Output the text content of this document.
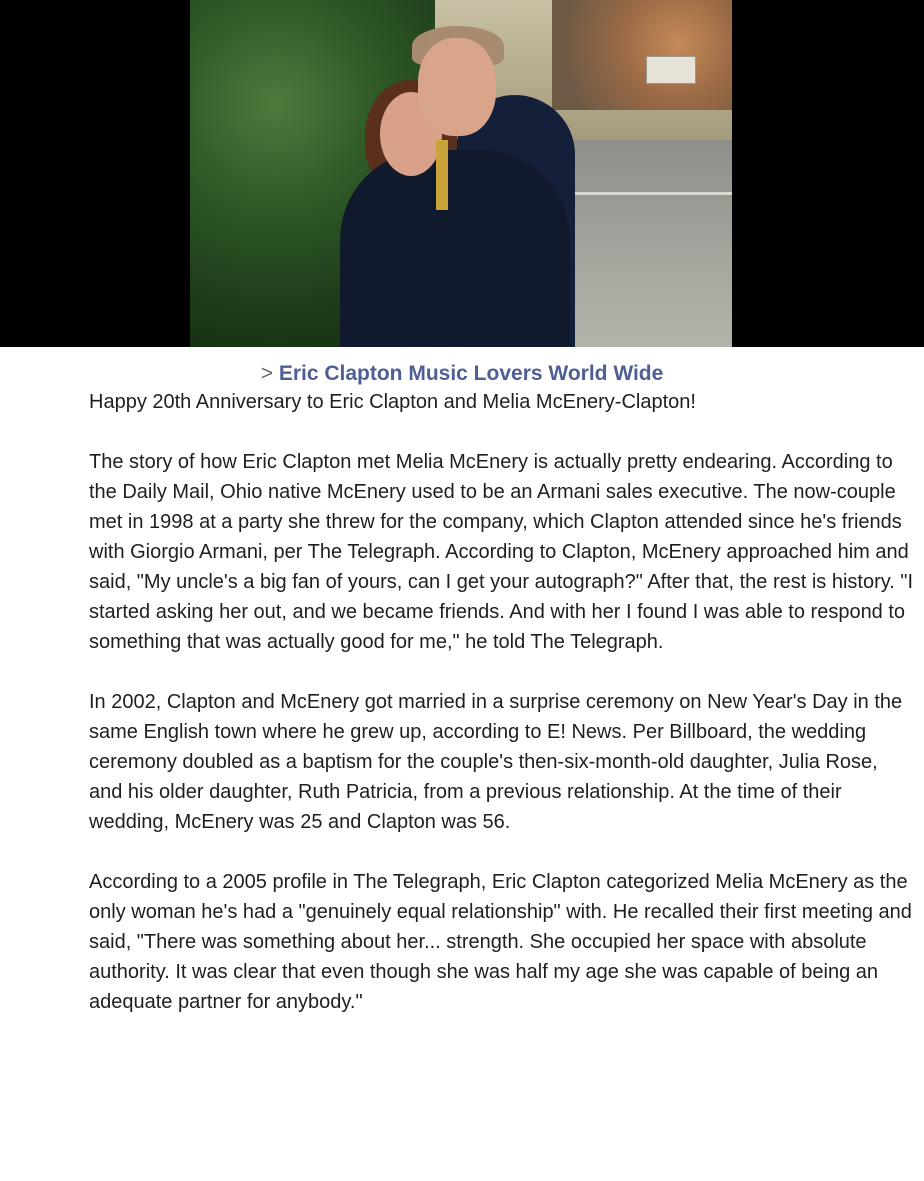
> Eric Clapton Music Lovers World Wide

Happy 20th Anniversary to Eric Clapton and Melia McEnery-Clapton!

The story of how Eric Clapton met Melia McEnery is actually pretty endearing. According to the Daily Mail, Ohio native McEnery used to be an Armani sales executive. The now-couple met in 1998 at a party she threw for the company, which Clapton attended since he's friends with Giorgio Armani, per The Telegraph. According to Clapton, McEnery approached him and said, "My uncle's a big fan of yours, can I get your autograph?" After that, the rest is history. "I started asking her out, and we became friends. And with her I found I was able to respond to something that was actually good for me," he told The Telegraph.

In 2002, Clapton and McEnery got married in a surprise ceremony on New Year's Day in the same English town where he grew up, according to E! News. Per Billboard, the wedding ceremony doubled as a baptism for the couple's then-six-month-old daughter, Julia Rose, and his older daughter, Ruth Patricia, from a previous relationship. At the time of their wedding, McEnery was 25 and Clapton was 56.

According to a 2005 profile in The Telegraph, Eric Clapton categorized Melia McEnery as the only woman he's had a "genuinely equal relationship" with. He recalled their first meeting and said, "There was something about her... strength. She occupied her space with absolute authority. It was clear that even though she was half my age she was capable of being an adequate partner for anybody."
